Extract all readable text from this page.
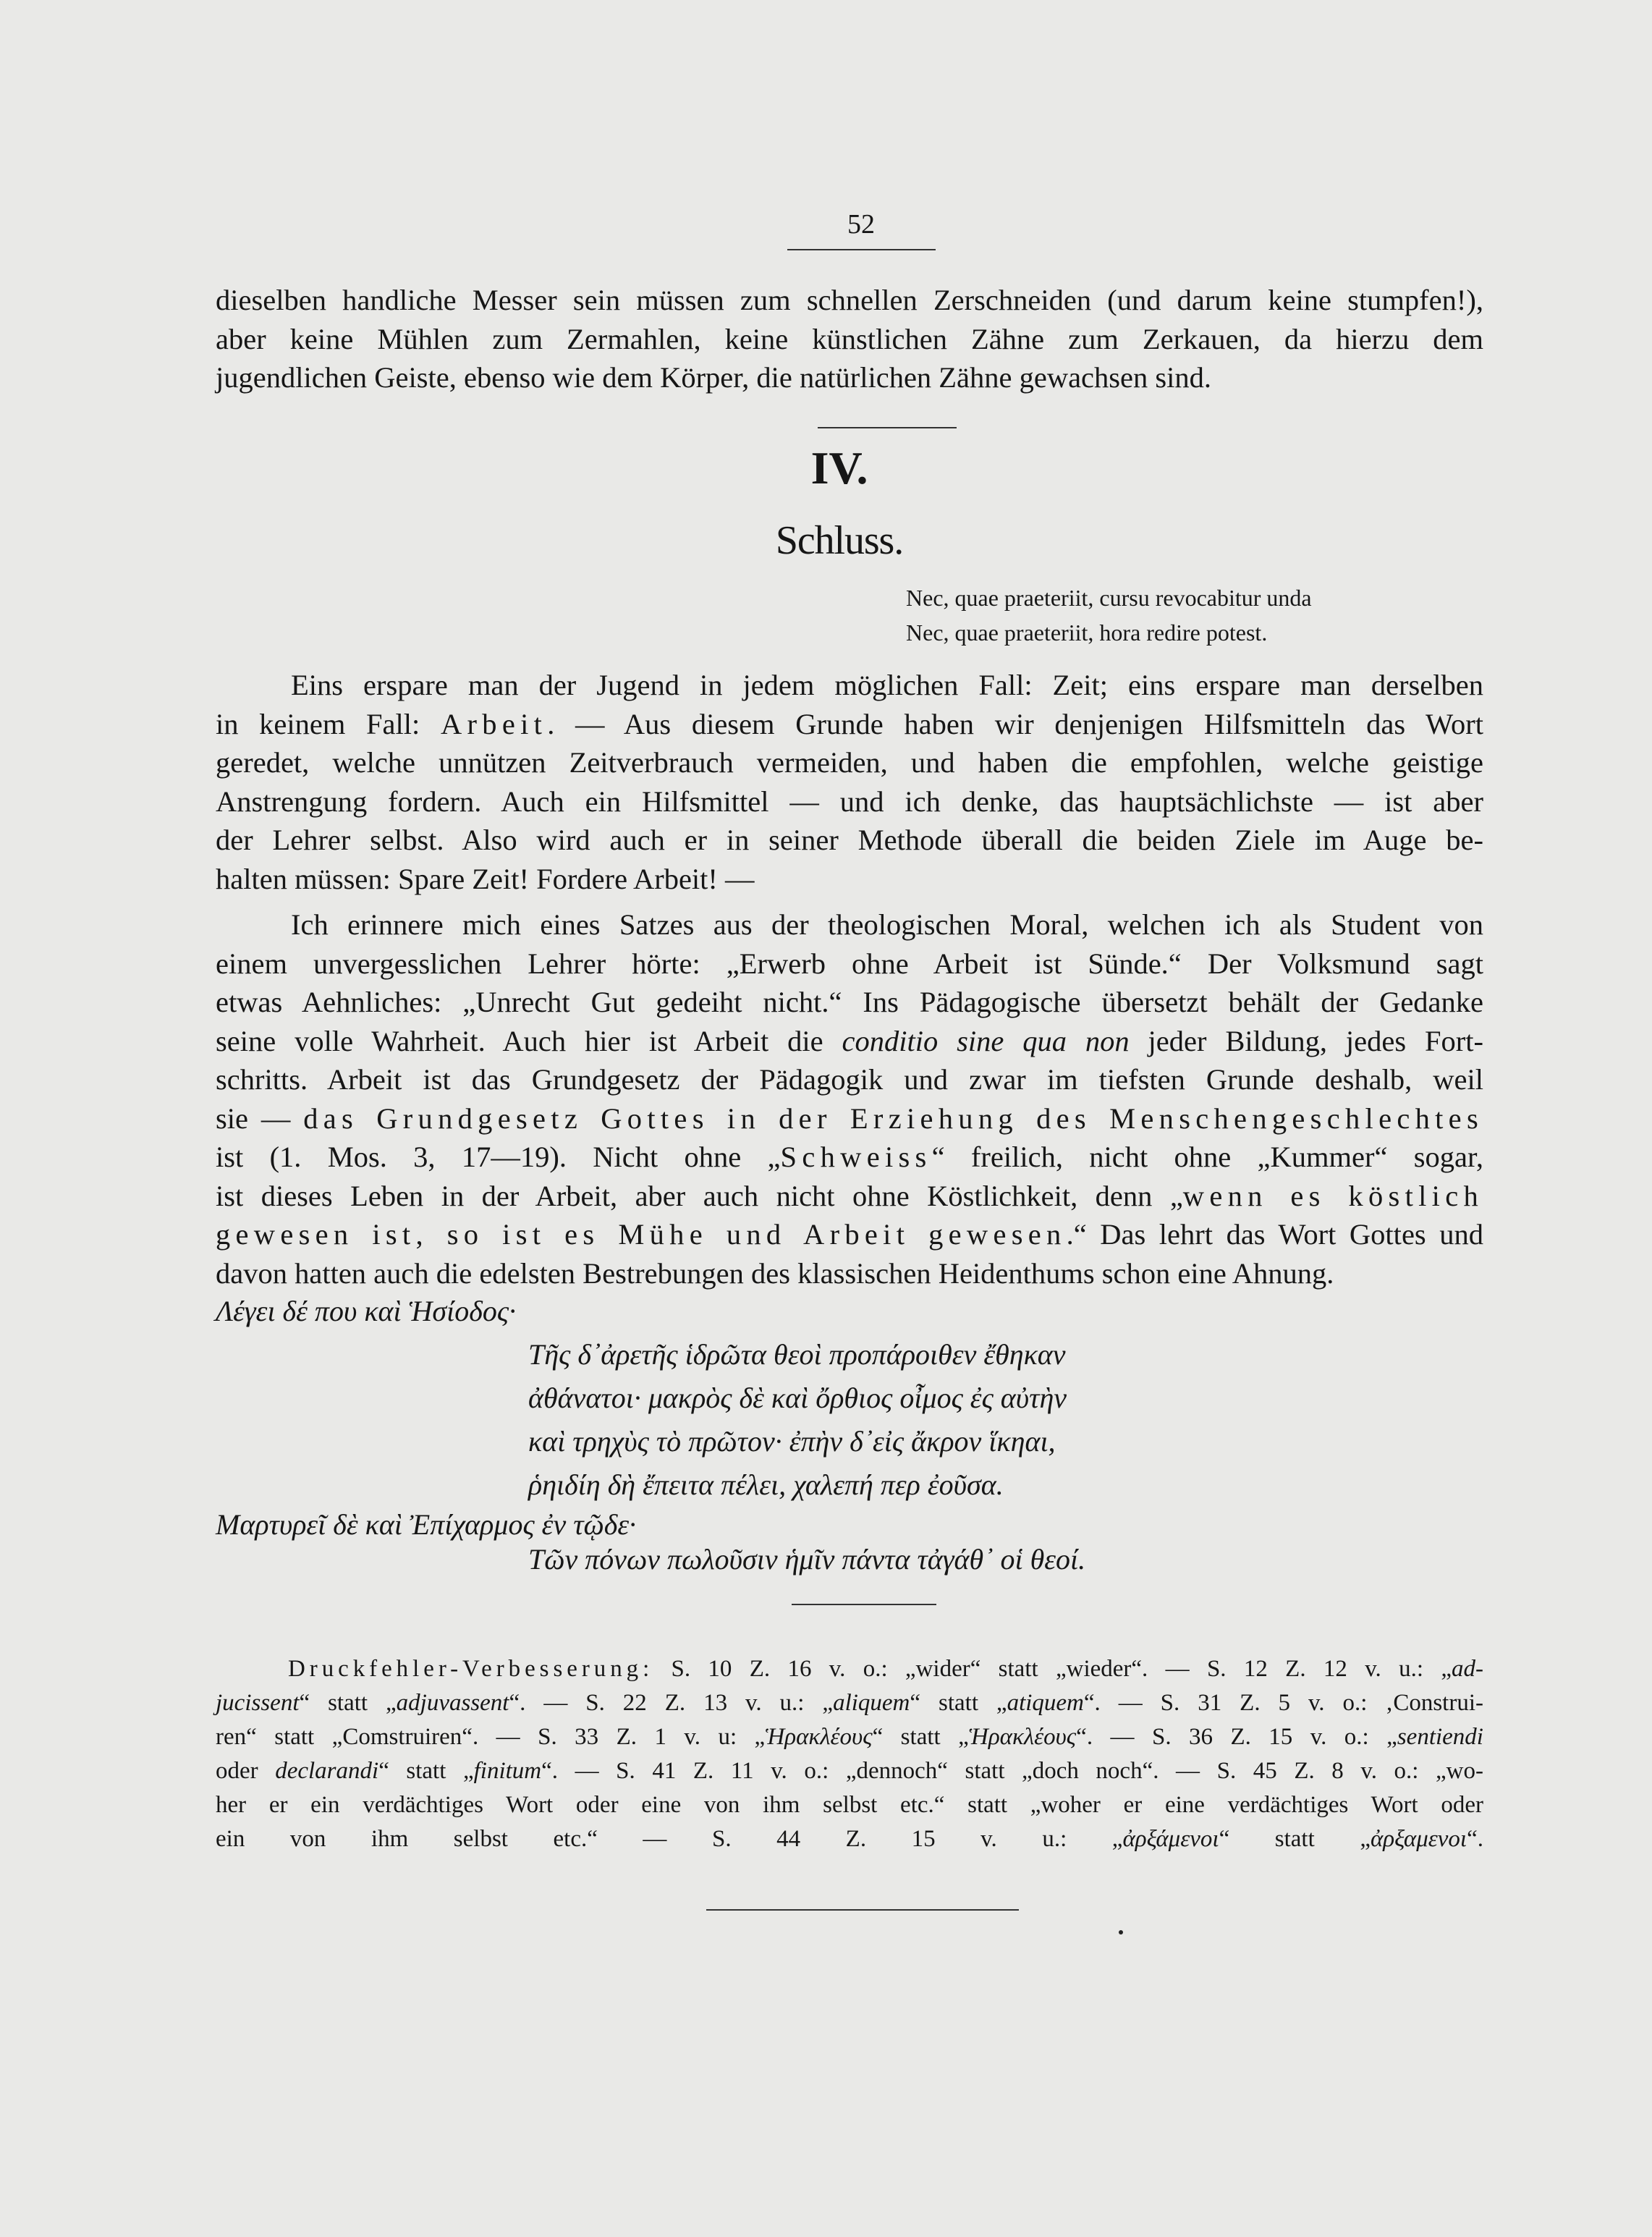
52
dieselben handliche Messer sein müssen zum schnellen Zerschneiden (und darum keine stumpfen!),
aber keine Mühlen zum Zermahlen, keine künstlichen Zähne zum Zerkauen, da hierzu dem
jugendlichen Geiste, ebenso wie dem Körper, die natürlichen Zähne gewachsen sind.
IV.
Schluss.
Nec, quae praeteriit, cursu revocabitur unda
Nec, quae praeteriit, hora redire potest.
Eins erspare man der Jugend in jedem möglichen Fall: Zeit; eins erspare man derselben
in keinem Fall: Arbeit. — Aus diesem Grunde haben wir denjenigen Hilfsmitteln das Wort
geredet, welche unnützen Zeitverbrauch vermeiden, und haben die empfohlen, welche geistige
Anstrengung fordern. Auch ein Hilfsmittel — und ich denke, das hauptsächlichste — ist aber
der Lehrer selbst. Also wird auch er in seiner Methode überall die beiden Ziele im Auge be-
halten müssen: Spare Zeit! Fordere Arbeit! —
Ich erinnere mich eines Satzes aus der theologischen Moral, welchen ich als Student von
einem unvergesslichen Lehrer hörte: „Erwerb ohne Arbeit ist Sünde.“ Der Volksmund sagt
etwas Aehnliches: „Unrecht Gut gedeiht nicht.“ Ins Pädagogische übersetzt behält der Gedanke
seine volle Wahrheit. Auch hier ist Arbeit die conditio sine qua non jeder Bildung, jedes Fort-
schritts. Arbeit ist das Grundgesetz der Pädagogik und zwar im tiefsten Grunde deshalb, weil
sie — das Grundgesetz Gottes in der Erziehung des Menschengeschlechtes
ist (1. Mos. 3, 17—19). Nicht ohne „Schweiss“ freilich, nicht ohne „Kummer“ sogar,
ist dieses Leben in der Arbeit, aber auch nicht ohne Köstlichkeit, denn „wenn es köstlich
gewesen ist, so ist es Mühe und Arbeit gewesen.“ Das lehrt das Wort Gottes und
davon hatten auch die edelsten Bestrebungen des klassischen Heidenthums schon eine Ahnung.
Λέγει δέ που καὶ Ἡσίοδος·
Τῆς δ᾽ἀρετῆς ἱδρῶτα θεοὶ προπάροιθεν ἔθηκαν
ἀθάνατοι· μακρὸς δὲ καὶ ὄρθιος οἶμος ἐς αὐτὴν
καὶ τρηχὺς τὸ πρῶτον· ἐπὴν δ᾽εἰς ἄκρον ἵκηαι,
ῥηιδίη δὴ ἔπειτα πέλει, χαλεπή περ ἐοῦσα.
Μαρτυρεῖ δὲ καὶ Ἐπίχαρμος ἐν τῷδε·
Τῶν πόνων πωλοῦσιν ἡμῖν πάντα τἀγάθ᾽ οἱ θεοί.
Druckfehler-Verbesserung: S. 10 Z. 16 v. o.: „wider“ statt „wieder“. — S. 12 Z. 12 v. u.: „ad-
jucissent“ statt „adjuvassent“. — S. 22 Z. 13 v. u.: „aliquem“ statt „atiquem“. — S. 31 Z. 5 v. o.: ‚Construi-
ren“ statt „Comstruiren“. — S. 33 Z. 1 v. u: „Ἡρακλέους“ statt „Ἡρακλέους“. — S. 36 Z. 15 v. o.: „sentiendi
oder declarandi“ statt „finitum“. — S. 41 Z. 11 v. o.: „dennoch“ statt „doch noch“. — S. 45 Z. 8 v. o.: „wo-
her er ein verdächtiges Wort oder eine von ihm selbst etc.“ statt „woher er eine verdächtiges Wort oder
ein von ihm selbst etc.“ — S. 44 Z. 15 v. u.: „ἀρξάμενοι“ statt „ἀρξαμενοι“.
